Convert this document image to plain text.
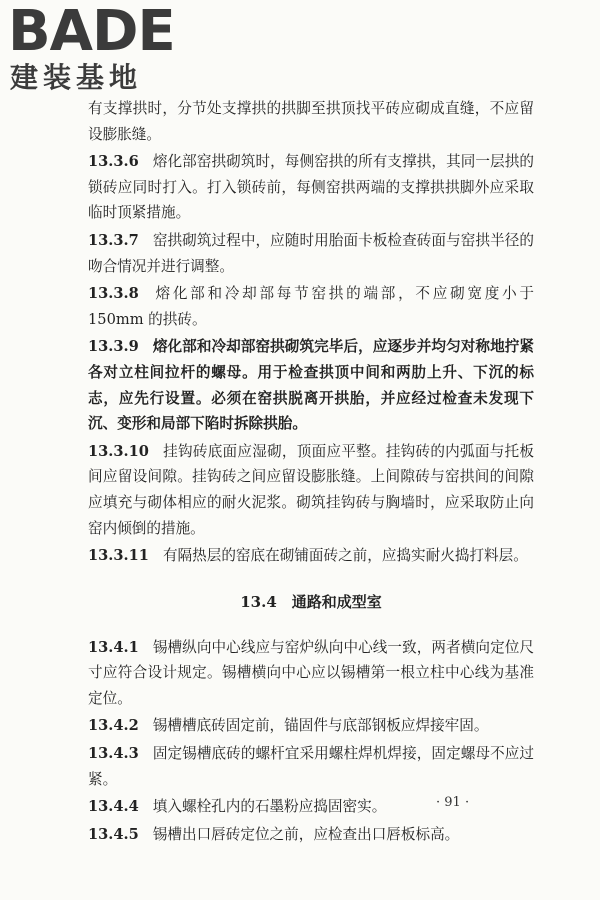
BADE
建装基地

有支撑拱时，分节处支撑拱的拱脚至拱顶找平砖应砌成直缝，不应留设膨胀缝。

13.3.6 熔化部窑拱砌筑时，每侧窑拱的所有支撑拱，其同一层拱的锁砖应同时打入。打入锁砖前，每侧窑拱两端的支撑拱拱脚外应采取临时顶紧措施。

13.3.7 窑拱砌筑过程中，应随时用胎面卡板检查砖面与窑拱半径的吻合情况并进行调整。

13.3.8 熔化部和冷却部每节窑拱的端部，不应砌宽度小于 150mm 的拱砖。

13.3.9 熔化部和冷却部窑拱砌筑完毕后，应逐步并均匀对称地拧紧各对立柱间拉杆的螺母。用于检查拱顶中间和两肋上升、下沉的标志，应先行设置。必须在窑拱脱离开拱胎，并应经过检查未发现下沉、变形和局部下陷时拆除拱胎。

13.3.10 挂钩砖底面应湿砌，顶面应平整。挂钩砖的内弧面与托板间应留设间隙。挂钩砖之间应留设膨胀缝。上间隙砖与窑拱间的间隙应填充与砌体相应的耐火泥浆。砌筑挂钩砖与胸墙时，应采取防止向窑内倾倒的措施。

13.3.11 有隔热层的窑底在砌铺面砖之前，应捣实耐火捣打料层。

13.4　通路和成型室

13.4.1 锡槽纵向中心线应与窑炉纵向中心线一致，两者横向定位尺寸应符合设计规定。锡槽横向中心应以锡槽第一根立柱中心线为基准定位。

13.4.2 锡槽槽底砖固定前，锚固件与底部钢板应焊接牢固。

13.4.3 固定锡槽底砖的螺杆宜采用螺柱焊机焊接，固定螺母不应过紧。

13.4.4 填入螺栓孔内的石墨粉应捣固密实。

13.4.5 锡槽出口唇砖定位之前，应检查出口唇板标高。

· 91 ·
